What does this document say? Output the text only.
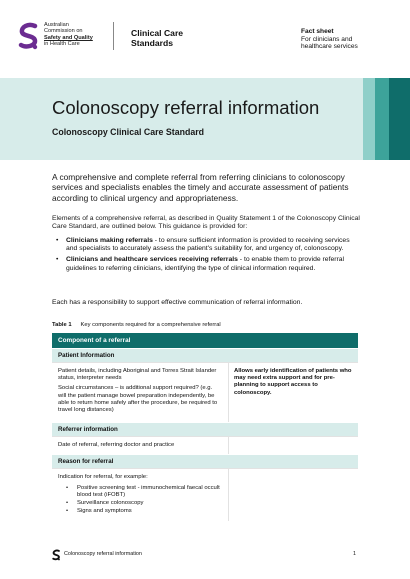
Australian
Commission on
Safety and Quality
in Health Care
Clinical Care
Standards
Fact sheet
For clinicians and
healthcare services
Colonoscopy referral information
Colonoscopy Clinical Care Standard
A comprehensive and complete referral from referring clinicians to colonoscopy services and specialists enables the timely and accurate assessment of patients according to clinical urgency and appropriateness.
Elements of a comprehensive referral, as described in Quality Statement 1 of the Colonoscopy Clinical Care Standard, are outlined below. This guidance is provided for:
• Clinicians making referrals - to ensure sufficient information is provided to receiving services and specialists to accurately assess the patient's suitability for, and urgency of, colonoscopy.
• Clinicians and healthcare services receiving referrals - to enable them to provide referral guidelines to referring clinicians, identifying the type of clinical information required.
Each has a responsibility to support effective communication of referral information.
Table 1 Key components required for a comprehensive referral
Component of a referral
Patient Information

Patient details, including Aboriginal and Torres Strait Islander status, interpreter needs

Social circumstances – is additional support required? (e.g. will the patient manage bowel preparation independently, be able to return home safely after the procedure, be required to travel long distances)

Allows early identification of patients who may need extra support and for pre-planning to support access to colonoscopy.
Referrer information
Date of referral, referring doctor and practice
Reason for referral
Indication for referral, for example:
• Positive screening test - immunochemical faecal occult blood test (iFOBT)
• Surveillance colonoscopy
• Signs and symptoms
Colonoscopy referral information	1
